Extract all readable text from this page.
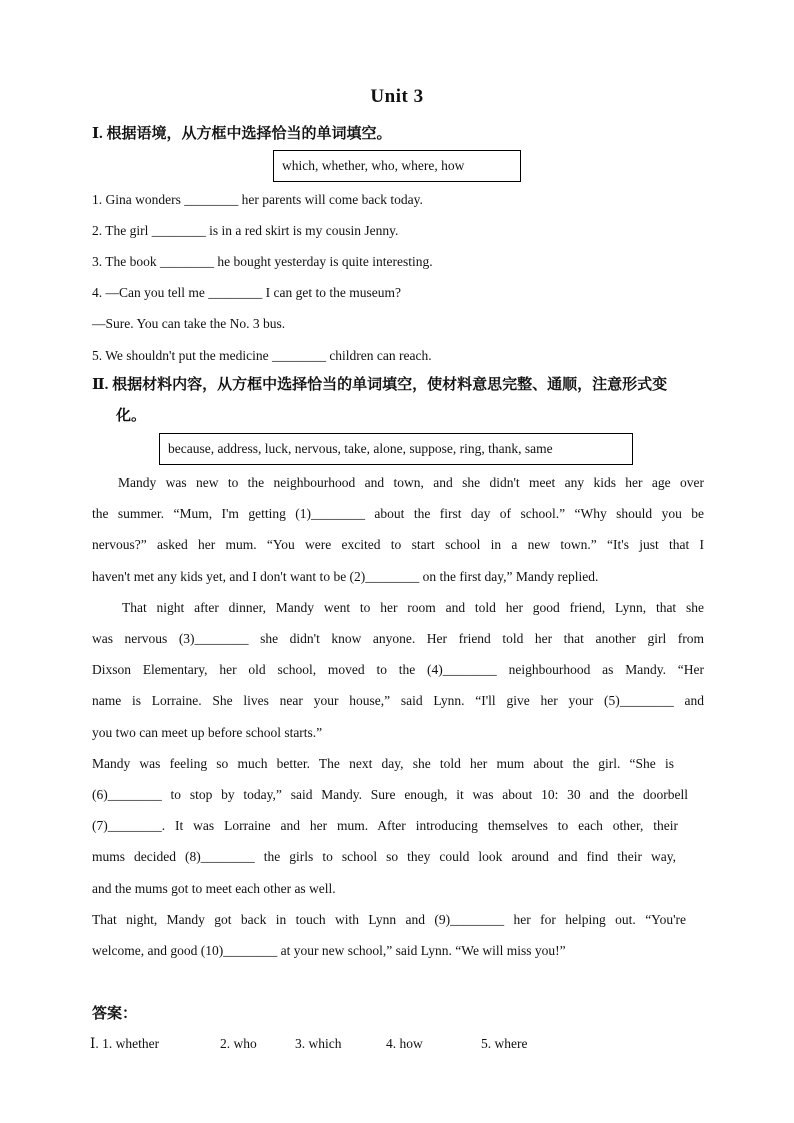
Unit 3
Ⅰ. 根据语境，从方框中选择恰当的单词填空。
which, whether, who, where, how
1. Gina wonders ________ her parents will come back today.
2. The girl ________ is in a red skirt is my cousin Jenny.
3. The book ________ he bought yesterday is quite interesting.
4. —Can you tell me ________ I can get to the museum?
—Sure. You can take the No. 3 bus.
5. We shouldn't put the medicine ________ children can reach.
Ⅱ. 根据材料内容，从方框中选择恰当的单词填空，使材料意思完整、通顺，注意形式变
化。
because, address, luck, nervous, take, alone, suppose, ring, thank, same
Mandy was new to the neighbourhood and town, and she didn't meet any kids her age over
the summer. “Mum, I'm getting (1)________ about the first day of school.” “Why should you be
nervous?” asked her mum. “You were excited to start school in a new town.” “It's just that I
haven't met any kids yet, and I don't want to be (2)________ on the first day,” Mandy replied.
That night after dinner, Mandy went to her room and told her good friend, Lynn, that she
was nervous (3)________ she didn't know anyone. Her friend told her that another girl from
Dixson Elementary, her old school, moved to the (4)________ neighbourhood as Mandy. “Her
name is Lorraine. She lives near your house,” said Lynn. “I'll give her your (5)________ and
you two can meet up before school starts.”
Mandy was feeling so much better. The next day, she told her mum about the girl. “She is
(6)________ to stop by today,” said Mandy. Sure enough, it was about 10: 30 and the doorbell
(7)________. It was Lorraine and her mum. After introducing themselves to each other, their
mums decided (8)________ the girls to school so they could look around and find their way,
and the mums got to meet each other as well.
That night, Mandy got back in touch with Lynn and (9)________ her for helping out. “You're
welcome, and good (10)________ at your new school,” said Lynn. “We will miss you!”
答案：
Ⅰ. 1. whether	2. who	3. which	4. how	5. where
